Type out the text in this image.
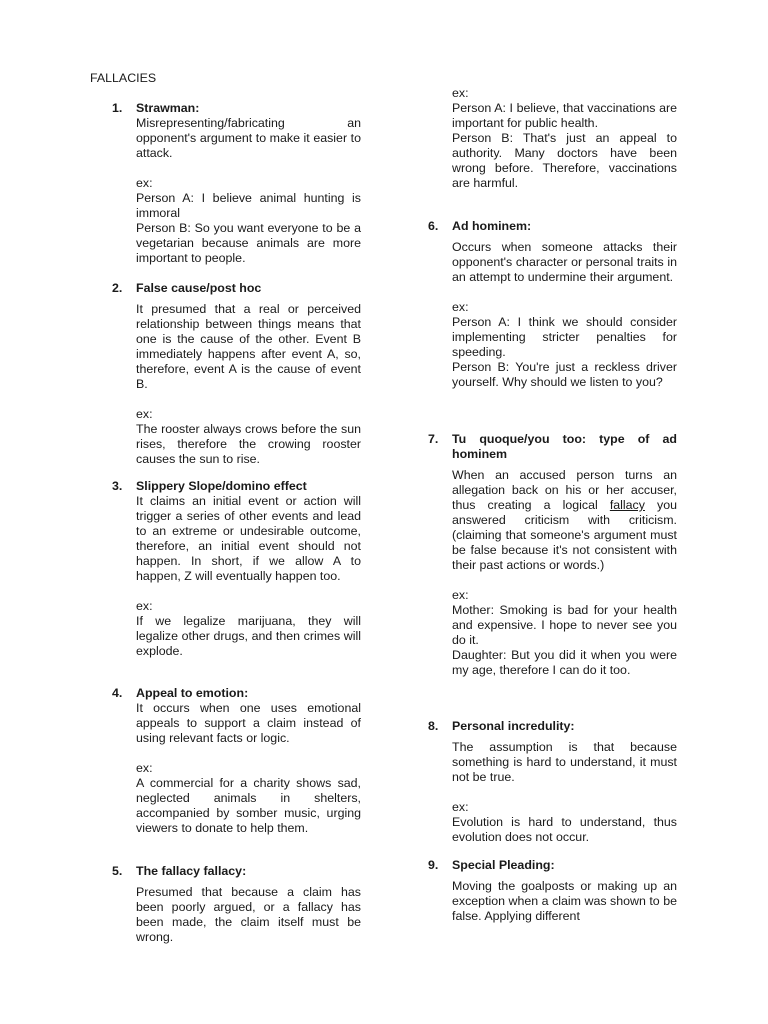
FALLACIES
1. Strawman:

Misrepresenting/fabricating an opponent's argument to make it easier to attack.

ex:

Person A: I believe animal hunting is immoral

Person B: So you want everyone to be a vegetarian because animals are more important to people.

2. False cause/post hoc

It presumed that a real or perceived relationship between things means that one is the cause of the other. Event B immediately happens after event A, so, therefore, event A is the cause of event B.

ex:

The rooster always crows before the sun rises, therefore the crowing rooster causes the sun to rise.

3. Slippery Slope/domino effect

It claims an initial event or action will trigger a series of other events and lead to an extreme or undesirable outcome, therefore, an initial event should not happen. In short, if we allow A to happen, Z will eventually happen too.

ex:

If we legalize marijuana, they will legalize other drugs, and then crimes will explode.

4. Appeal to emotion:

It occurs when one uses emotional appeals to support a claim instead of using relevant facts or logic.

ex:

A commercial for a charity shows sad, neglected animals in shelters, accompanied by somber music, urging viewers to donate to help them.

5. The fallacy fallacy:

Presumed that because a claim has been poorly argued, or a fallacy has been made, the claim itself must be wrong.

ex:

Person A: I believe, that vaccinations are important for public health.

Person B: That's just an appeal to authority. Many doctors have been wrong before. Therefore, vaccinations are harmful.

6. Ad hominem:

Occurs when someone attacks their opponent's character or personal traits in an attempt to undermine their argument.

ex:

Person A: I think we should consider implementing stricter penalties for speeding.

Person B: You're just a reckless driver yourself. Why should we listen to you?

7. Tu quoque/you too: type of ad hominem

When an accused person turns an allegation back on his or her accuser, thus creating a logical fallacy you answered criticism with criticism. (claiming that someone's argument must be false because it's not consistent with their past actions or words.)

ex:

Mother: Smoking is bad for your health and expensive. I hope to never see you do it.

Daughter: But you did it when you were my age, therefore I can do it too.

8. Personal incredulity:

The assumption is that because something is hard to understand, it must not be true.

ex:

Evolution is hard to understand, thus evolution does not occur.

9. Special Pleading:

Moving the goalposts or making up an exception when a claim was shown to be false. Applying different
